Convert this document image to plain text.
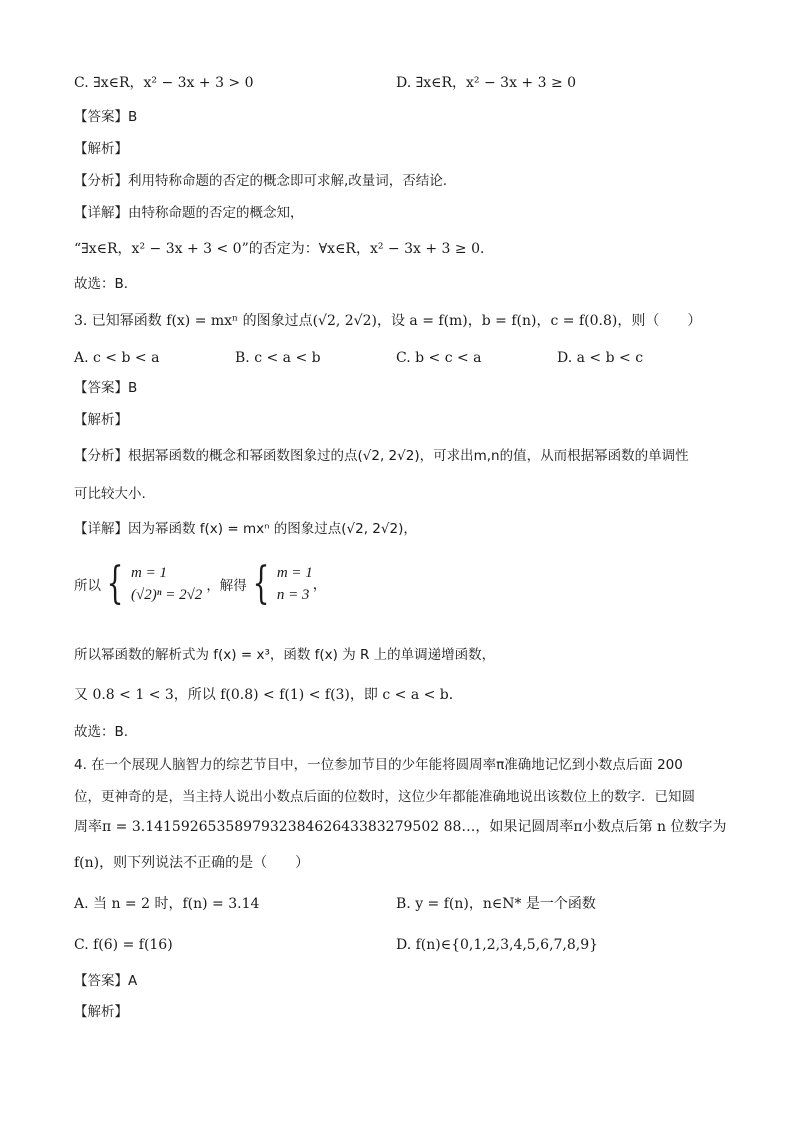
C. ∃x∈R，x² − 3x + 3 > 0	D. ∃x∈R，x² − 3x + 3 ≥ 0
【答案】B
【解析】
【分析】利用特称命题的否定的概念即可求解,改量词，否结论.
【详解】由特称命题的否定的概念知，
“∃x∈R，x² − 3x + 3 < 0”的否定为：∀x∈R，x² − 3x + 3 ≥ 0．
故选：B．
3. 已知幂函数 f(x) = mxⁿ 的图象过点(√2, 2√2)，设 a = f(m)，b = f(n)，c = f(0.8)，则（　　）
A. c < b < a	B. c < a < b	C. b < c < a	D. a < b < c
【答案】B
【解析】
【分析】根据幂函数的概念和幂函数图象过的点(√2, 2√2)，可求出m,n的值，从而根据幂函数的单调性
可比较大小.
【详解】因为幂函数 f(x) = mxⁿ 的图象过点(√2, 2√2)，
所以 { m = 1
(√2)ⁿ = 2√2
，解得 { m = 1
n = 3
，
所以幂函数的解析式为 f(x) = x³，函数 f(x) 为 R 上的单调递增函数，
又 0.8 < 1 < 3，所以 f(0.8) < f(1) < f(3)，即 c < a < b．
故选：B.
4. 在一个展现人脑智力的综艺节目中，一位参加节目的少年能将圆周率π准确地记忆到小数点后面 200
位，更神奇的是，当主持人说出小数点后面的位数时，这位少年都能准确地说出该数位上的数字．已知圆
周率π = 3.141592653589793238462643383279502 88…，如果记圆周率π小数点后第 n 位数字为
f(n)，则下列说法不正确的是（　　）
A. 当 n = 2 时，f(n) = 3.14	B. y = f(n)，n∈N* 是一个函数
C. f(6) = f(16)	D. f(n)∈{0,1,2,3,4,5,6,7,8,9}
【答案】A
【解析】
